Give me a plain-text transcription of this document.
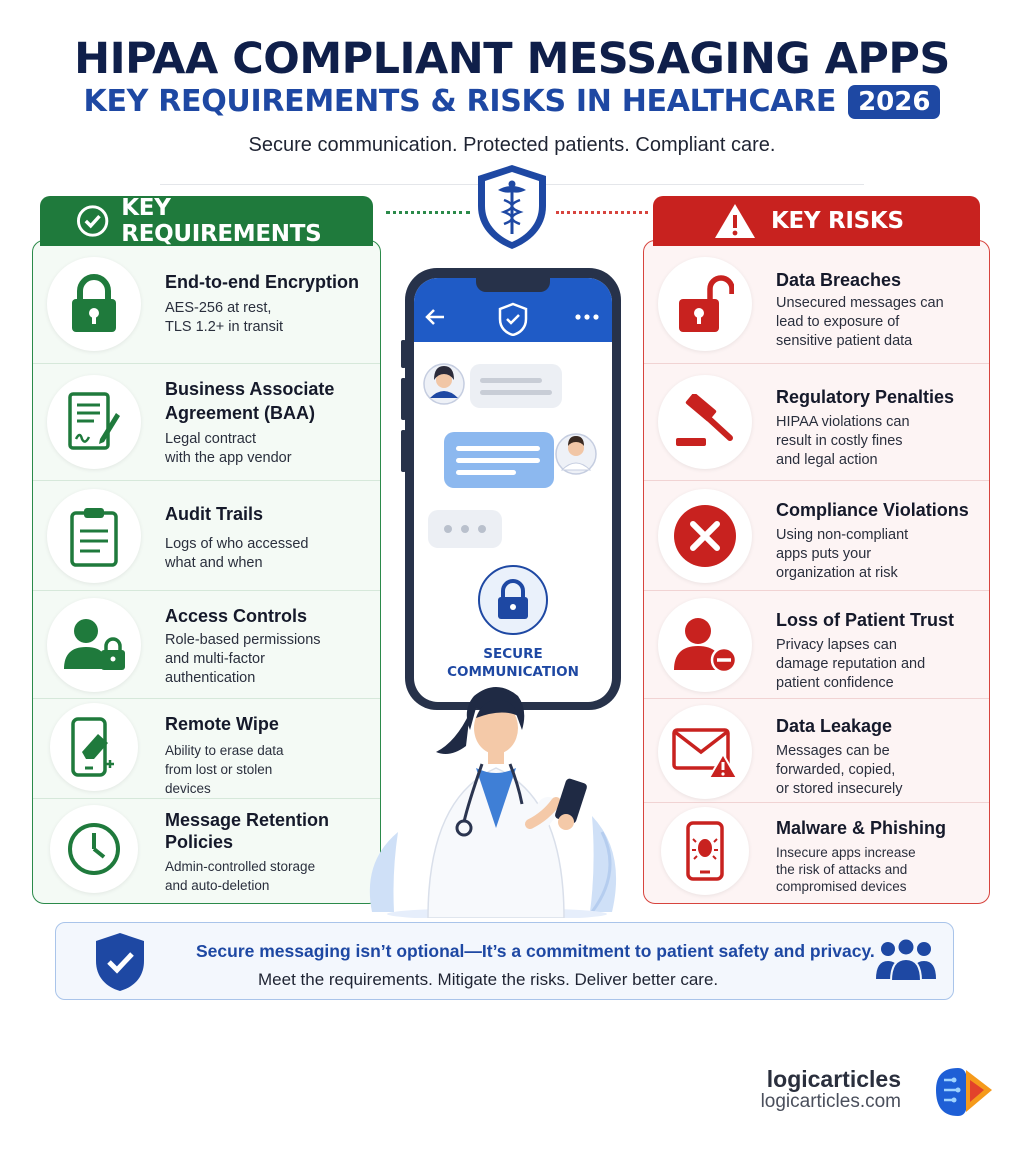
HIPAA COMPLIANT MESSAGING APPS
KEY REQUIREMENTS & RISKS IN HEALTHCARE 2026
Secure communication. Protected patients. Compliant care.
End-to-end Encryption
AES-256 at rest,
TLS 1.2+ in transit
Business Associate
Agreement (BAA)
Legal contract
with the app vendor
Audit Trails
Logs of who accessed
what and when
Access Controls
Role-based permissions
and multi-factor
authentication
Remote Wipe
Ability to erase data
from lost or stolen
devices
Message Retention
Policies
Admin-controlled storage
and auto-deletion
KEY REQUIREMENTS
Data Breaches
Unsecured messages can
lead to exposure of
sensitive patient data
Regulatory Penalties
HIPAA violations can
result in costly fines
and legal action
Compliance Violations
Using non-compliant
apps puts your
organization at risk
Loss of Patient Trust
Privacy lapses can
damage reputation and
patient confidence
Data Leakage
Messages can be
forwarded, copied,
or stored insecurely
Malware & Phishing
Insecure apps increase
the risk of attacks and
compromised devices
KEY RISKS
SECURE
COMMUNICATION
Secure messaging isn’t optional—It’s a commitment to patient safety and privacy.
Meet the requirements. Mitigate the risks. Deliver better care.
logicarticles
logicarticles.com
